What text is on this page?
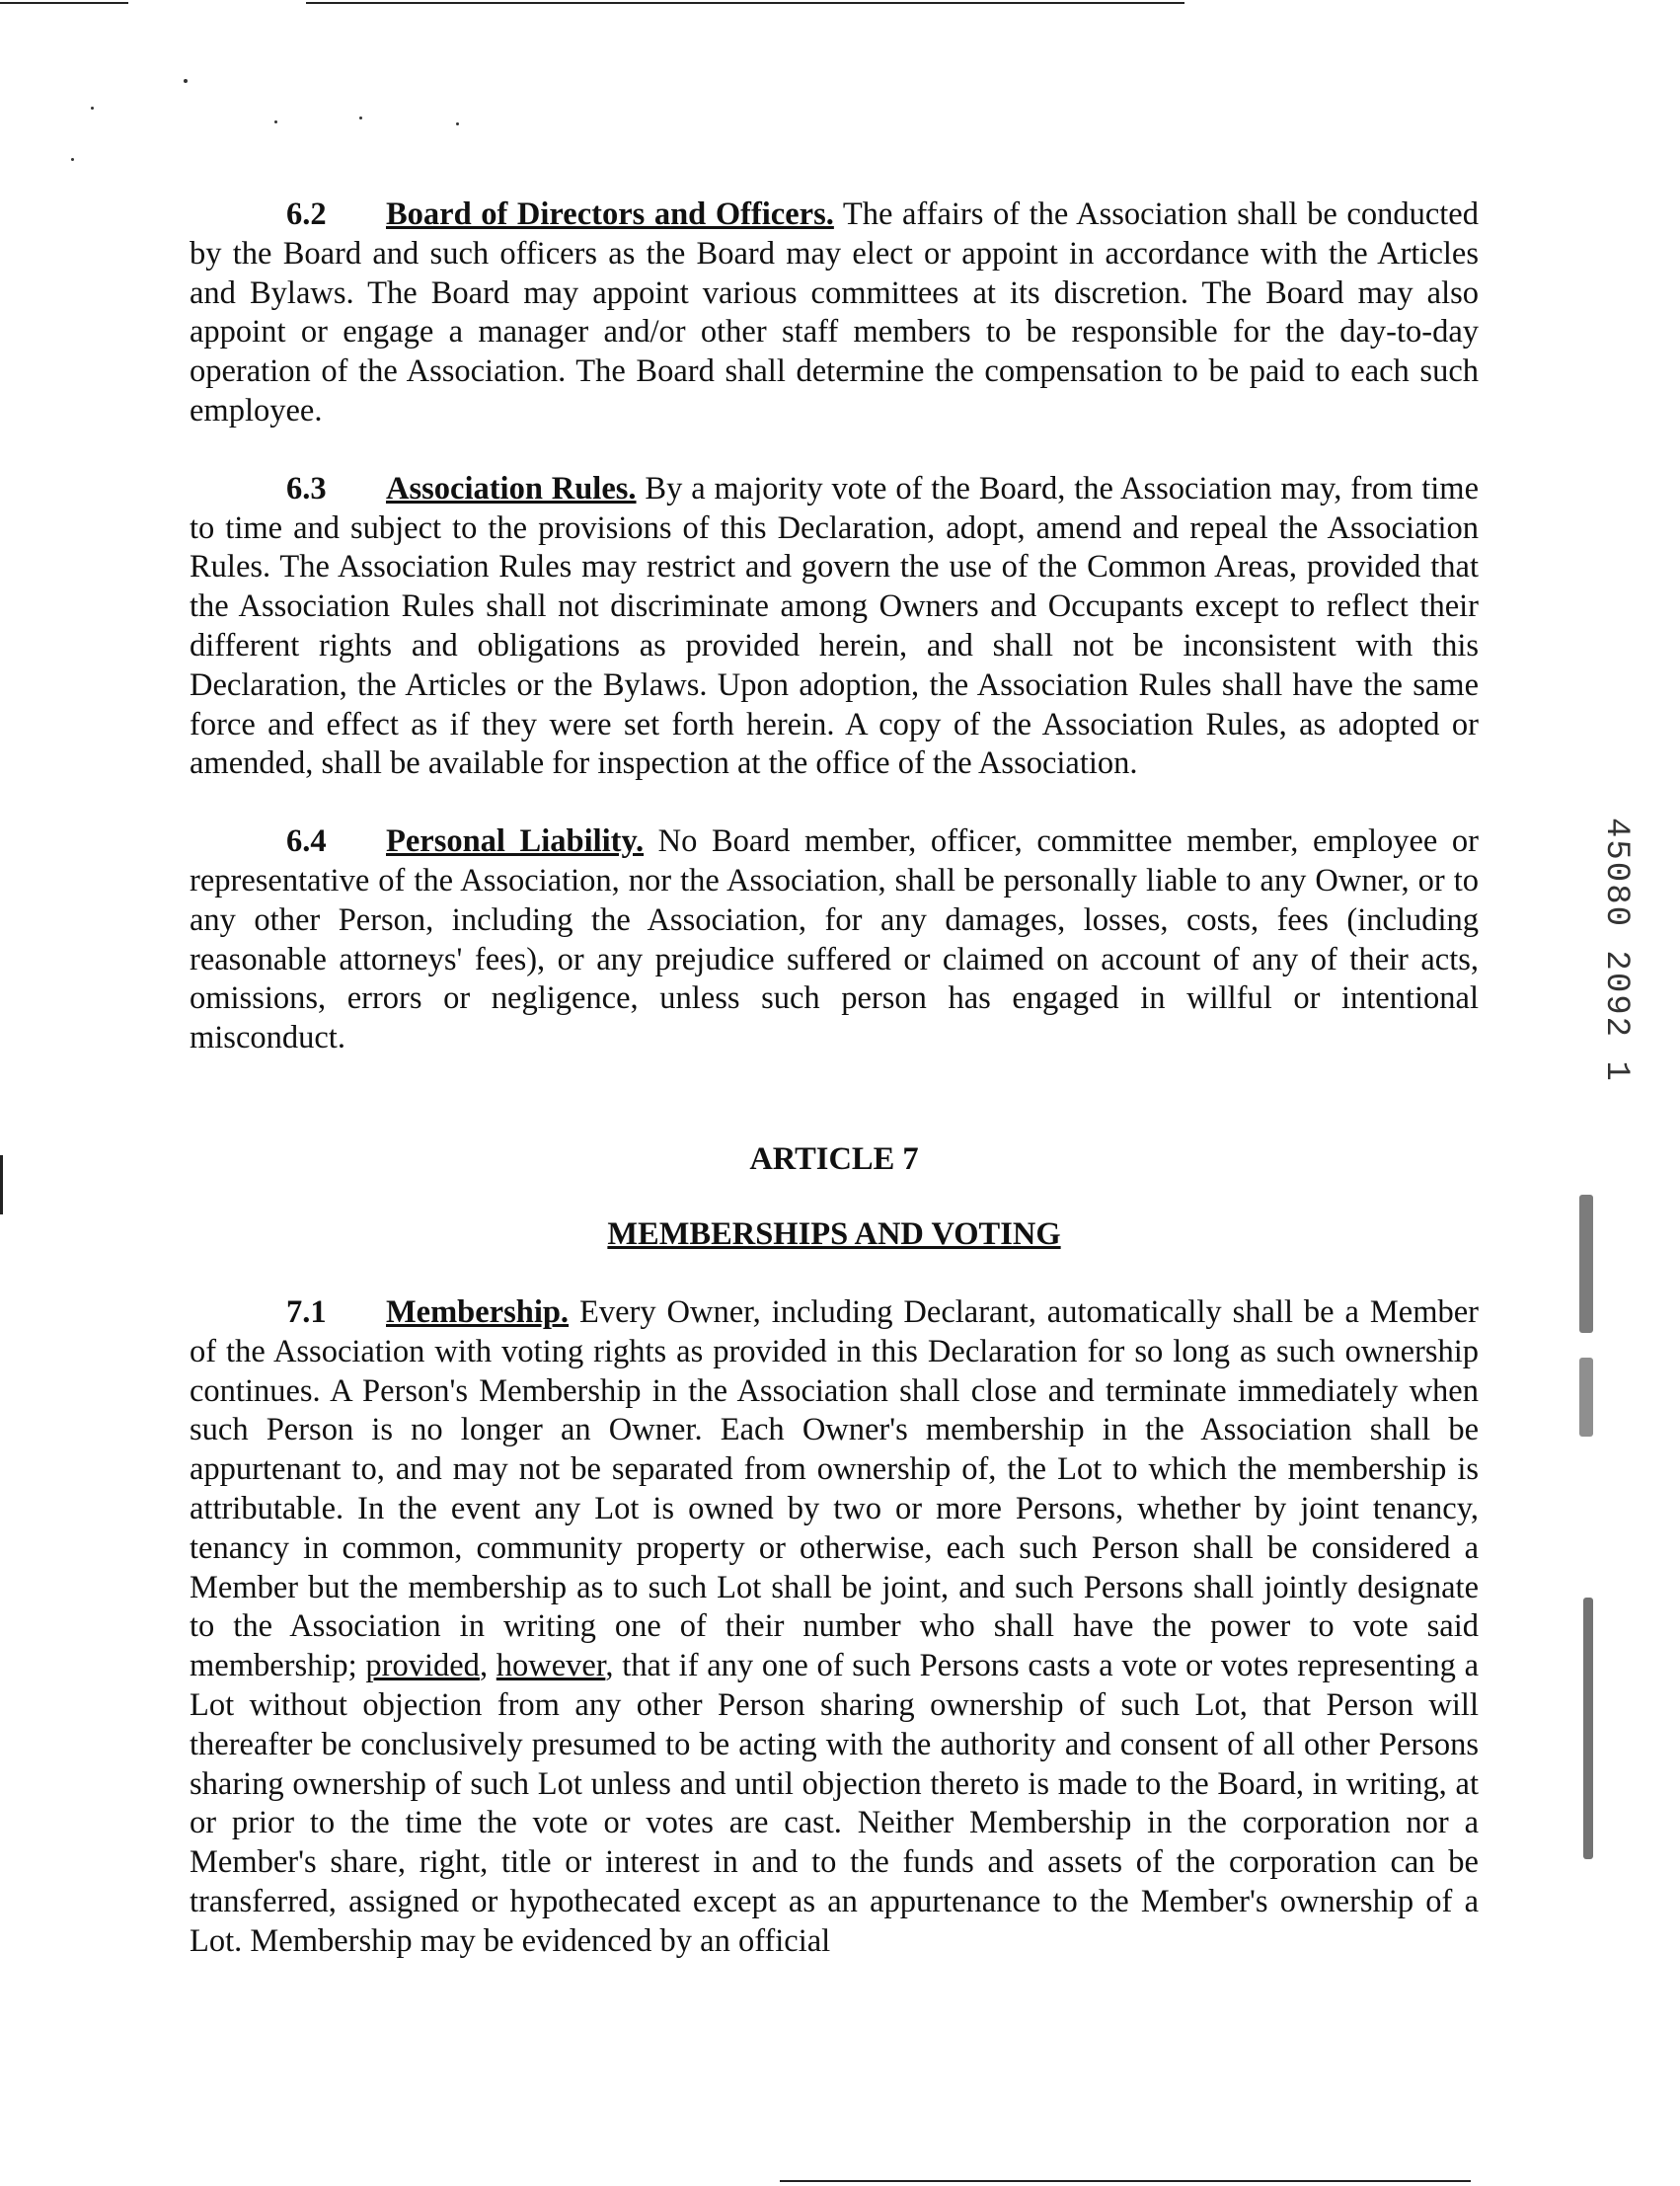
45080 2092 1

6.2 Board of Directors and Officers. The affairs of the Association shall be conducted by the Board and such officers as the Board may elect or appoint in accordance with the Articles and Bylaws. The Board may appoint various committees at its discretion. The Board may also appoint or engage a manager and/or other staff members to be responsible for the day-to-day operation of the Association. The Board shall determine the compensation to be paid to each such employee.

6.3 Association Rules. By a majority vote of the Board, the Association may, from time to time and subject to the provisions of this Declaration, adopt, amend and repeal the Association Rules. The Association Rules may restrict and govern the use of the Common Areas, provided that the Association Rules shall not discriminate among Owners and Occupants except to reflect their different rights and obligations as provided herein, and shall not be inconsistent with this Declaration, the Articles or the Bylaws. Upon adoption, the Association Rules shall have the same force and effect as if they were set forth herein. A copy of the Association Rules, as adopted or amended, shall be available for inspection at the office of the Association.

6.4 Personal Liability. No Board member, officer, committee member, employee or representative of the Association, nor the Association, shall be personally liable to any Owner, or to any other Person, including the Association, for any damages, losses, costs, fees (including reasonable attorneys' fees), or any prejudice suffered or claimed on account of any of their acts, omissions, errors or negligence, unless such person has engaged in willful or intentional misconduct.

ARTICLE 7
MEMBERSHIPS AND VOTING

7.1 Membership. Every Owner, including Declarant, automatically shall be a Member of the Association with voting rights as provided in this Declaration for so long as such ownership continues. A Person's Membership in the Association shall close and terminate immediately when such Person is no longer an Owner. Each Owner's membership in the Association shall be appurtenant to, and may not be separated from ownership of, the Lot to which the membership is attributable. In the event any Lot is owned by two or more Persons, whether by joint tenancy, tenancy in common, community property or otherwise, each such Person shall be considered a Member but the membership as to such Lot shall be joint, and such Persons shall jointly designate to the Association in writing one of their number who shall have the power to vote said membership; provided, however, that if any one of such Persons casts a vote or votes representing a Lot without objection from any other Person sharing ownership of such Lot, that Person will thereafter be conclusively presumed to be acting with the authority and consent of all other Persons sharing ownership of such Lot unless and until objection thereto is made to the Board, in writing, at or prior to the time the vote or votes are cast. Neither Membership in the corporation nor a Member's share, right, title or interest in and to the funds and assets of the corporation can be transferred, assigned or hypothecated except as an appurtenance to the Member's ownership of a Lot. Membership may be evidenced by an official
